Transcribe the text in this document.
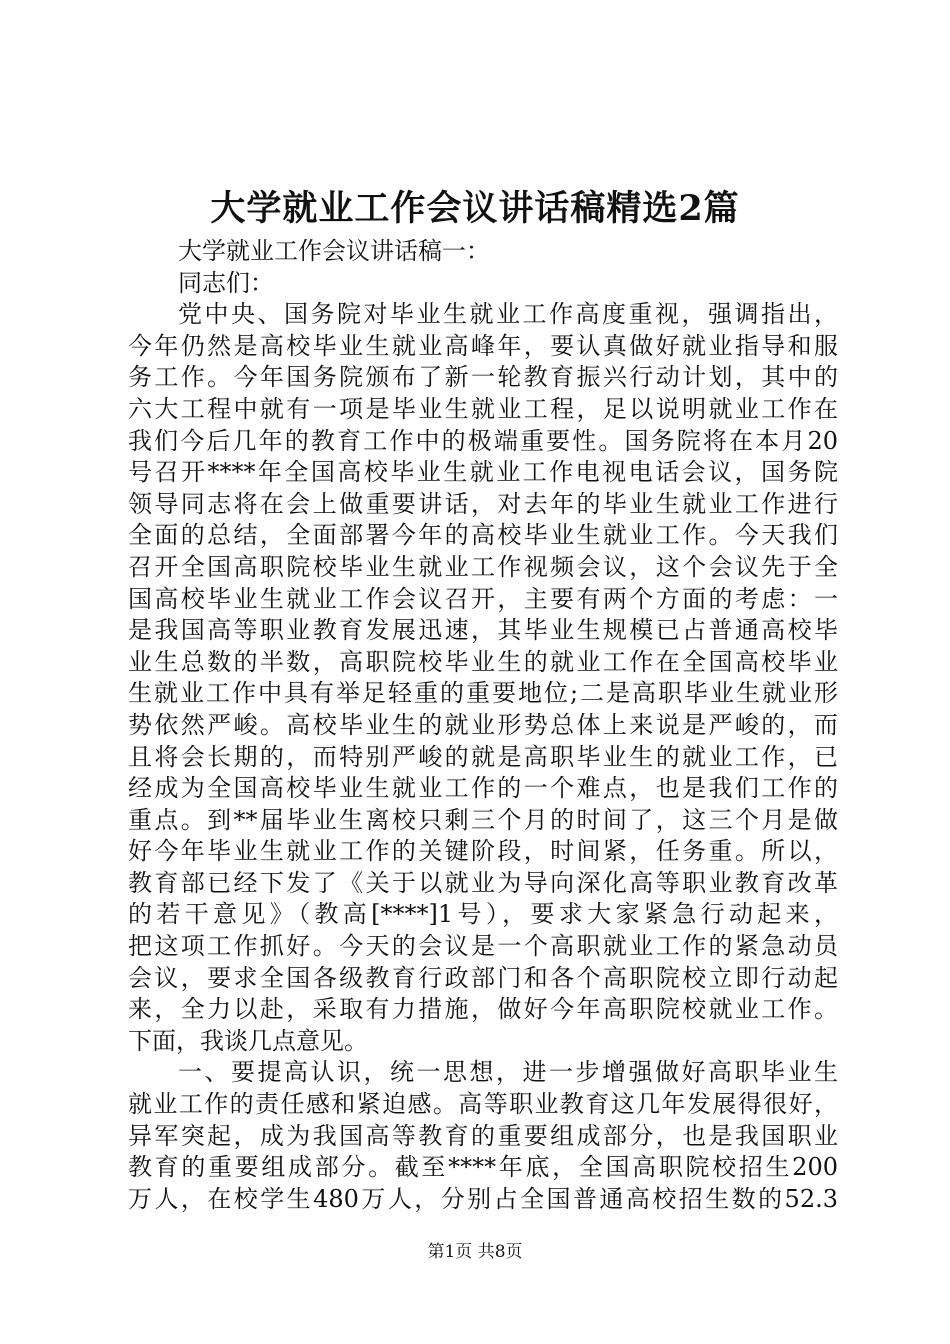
大学就业工作会议讲话稿精选2篇
大学就业工作会议讲话稿一：
同志们：
党中央、国务院对毕业生就业工作高度重视，强调指出，
今年仍然是高校毕业生就业高峰年，要认真做好就业指导和服
务工作。今年国务院颁布了新一轮教育振兴行动计划，其中的
六大工程中就有一项是毕业生就业工程，足以说明就业工作在
我们今后几年的教育工作中的极端重要性。国务院将在本月20
号召开****年全国高校毕业生就业工作电视电话会议，国务院
领导同志将在会上做重要讲话，对去年的毕业生就业工作进行
全面的总结，全面部署今年的高校毕业生就业工作。今天我们
召开全国高职院校毕业生就业工作视频会议，这个会议先于全
国高校毕业生就业工作会议召开，主要有两个方面的考虑：一
是我国高等职业教育发展迅速，其毕业生规模已占普通高校毕
业生总数的半数，高职院校毕业生的就业工作在全国高校毕业
生就业工作中具有举足轻重的重要地位;二是高职毕业生就业形
势依然严峻。高校毕业生的就业形势总体上来说是严峻的，而
且将会长期的，而特别严峻的就是高职毕业生的就业工作，已
经成为全国高校毕业生就业工作的一个难点，也是我们工作的
重点。到**届毕业生离校只剩三个月的时间了，这三个月是做
好今年毕业生就业工作的关键阶段，时间紧，任务重。所以，
教育部已经下发了《关于以就业为导向深化高等职业教育改革
的若干意见》（教高[****]1号），要求大家紧急行动起来，
把这项工作抓好。今天的会议是一个高职就业工作的紧急动员
会议，要求全国各级教育行政部门和各个高职院校立即行动起
来，全力以赴，采取有力措施，做好今年高职院校就业工作。
下面，我谈几点意见。
一、要提高认识，统一思想，进一步增强做好高职毕业生
就业工作的责任感和紧迫感。高等职业教育这几年发展得很好，
异军突起，成为我国高等教育的重要组成部分，也是我国职业
教育的重要组成部分。截至****年底，全国高职院校招生200
万人，在校学生480万人，分别占全国普通高校招生数的52.3
第1页 共8页
